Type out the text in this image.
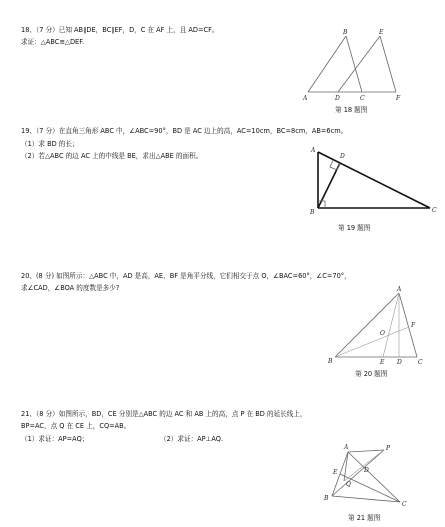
18、（7 分）已知 AB∥DE，BC∥EF，D，C 在 AF 上，且 AD=CF。
求证：△ABC≌△DEF.
A
B
D	C
E
F
第 18 题图
19、（7 分）在直角三角形 ABC 中，∠ABC=90°，BD 是 AC 边上的高，AC=10cm，BC=8cm，AB=6cm。
（1）求 BD 的长；
（2）若△ABC 的边 AC 上的中线是 BE，求出△ABE 的面积。
A
D
B	C
第 19 题图
20、(8 分) 如图所示：△ABC 中，AD 是高，AE、BF 是角平分线，它们相交于点 O，∠BAC=60°，∠C=70°，
求∠CAD，∠BOA 的度数是多少?	A
F
O
B	E D	C
第 20 题图
21、（8 分）如图所示，BD，CE 分别是△ABC 的边 AC 和 AB 上的高，点 P 在 BD 的延长线上，
BP=AC，点 Q 在 CE 上，CQ=AB。
（1）求证：AP=AQ；	（2）求证：AP⊥AQ.
A	P
D
E
Q
B
C
第 21 题图
